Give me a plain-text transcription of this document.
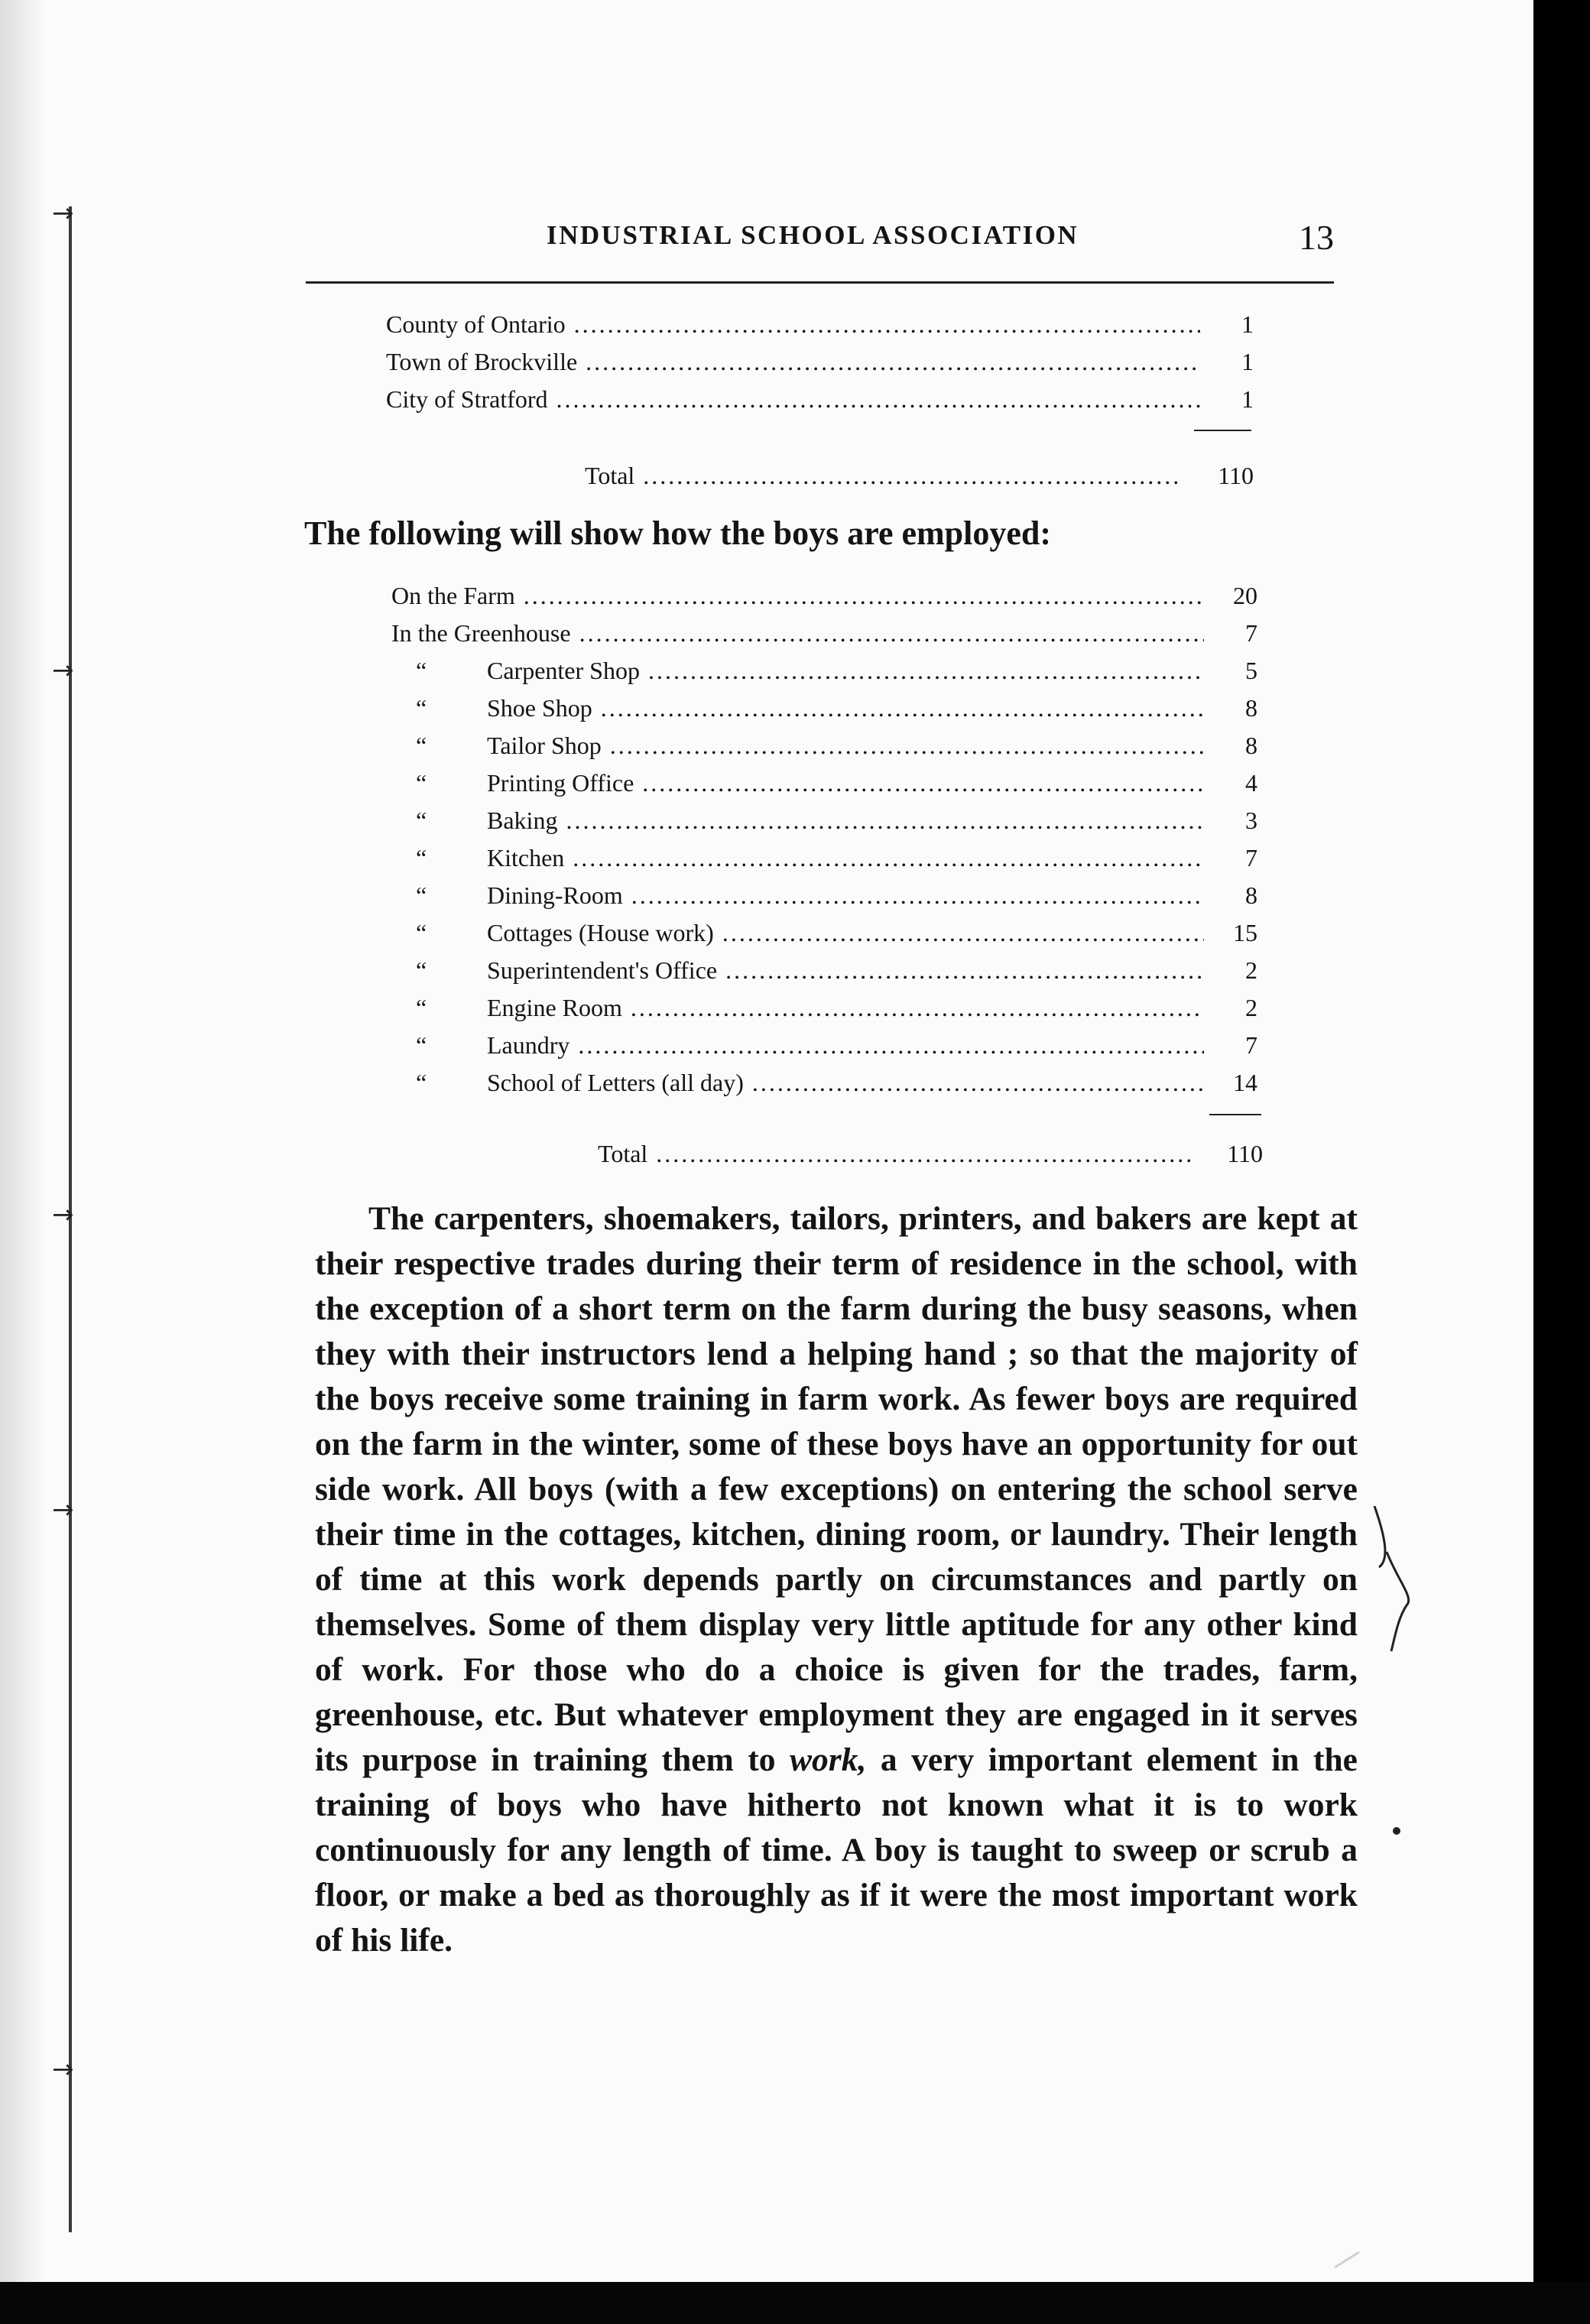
→
→
→
→
→
INDUSTRIAL SCHOOL ASSOCIATION	13
County of Ontario .....	1
Town of Brockville .....	1
City of Stratford .....	1
Total .....	110
The following will show how the boys are employed:
On the Farm .....	20
In the Greenhouse .....	7
“ Carpenter Shop .....	5
“ Shoe Shop .....	8
“ Tailor Shop .....	8
“ Printing Office .....	4
“ Baking .....	3
“ Kitchen .....	7
“ Dining-Room .....	8
“ Cottages (House work) .....	15
“ Superintendent's Office .....	2
“ Engine Room .....	2
“ Laundry .....	7
“ School of Letters (all day) .....	14
Total .....	110

The carpenters, shoemakers, tailors, printers, and bakers are kept at their respective trades during their term of residence in the school, with the exception of a short term on the farm during the busy seasons, when they with their instructors lend a helping hand ; so that the majority of the boys receive some training in farm work. As fewer boys are required on the farm in the winter, some of these boys have an opportunity for out side work. All boys (with a few exceptions) on entering the school serve their time in the cottages, kitchen, dining room, or laundry. Their length of time at this work depends partly on circumstances and partly on themselves. Some of them display very little aptitude for any other kind of work. For those who do a choice is given for the trades, farm, greenhouse, etc. But whatever employment they are engaged in it serves its purpose in training them to work, a very important element in the training of boys who have hitherto not known what it is to work continuously for any length of time. A boy is taught to sweep or scrub a floor, or make a bed as thoroughly as if it were the most important work of his life.
